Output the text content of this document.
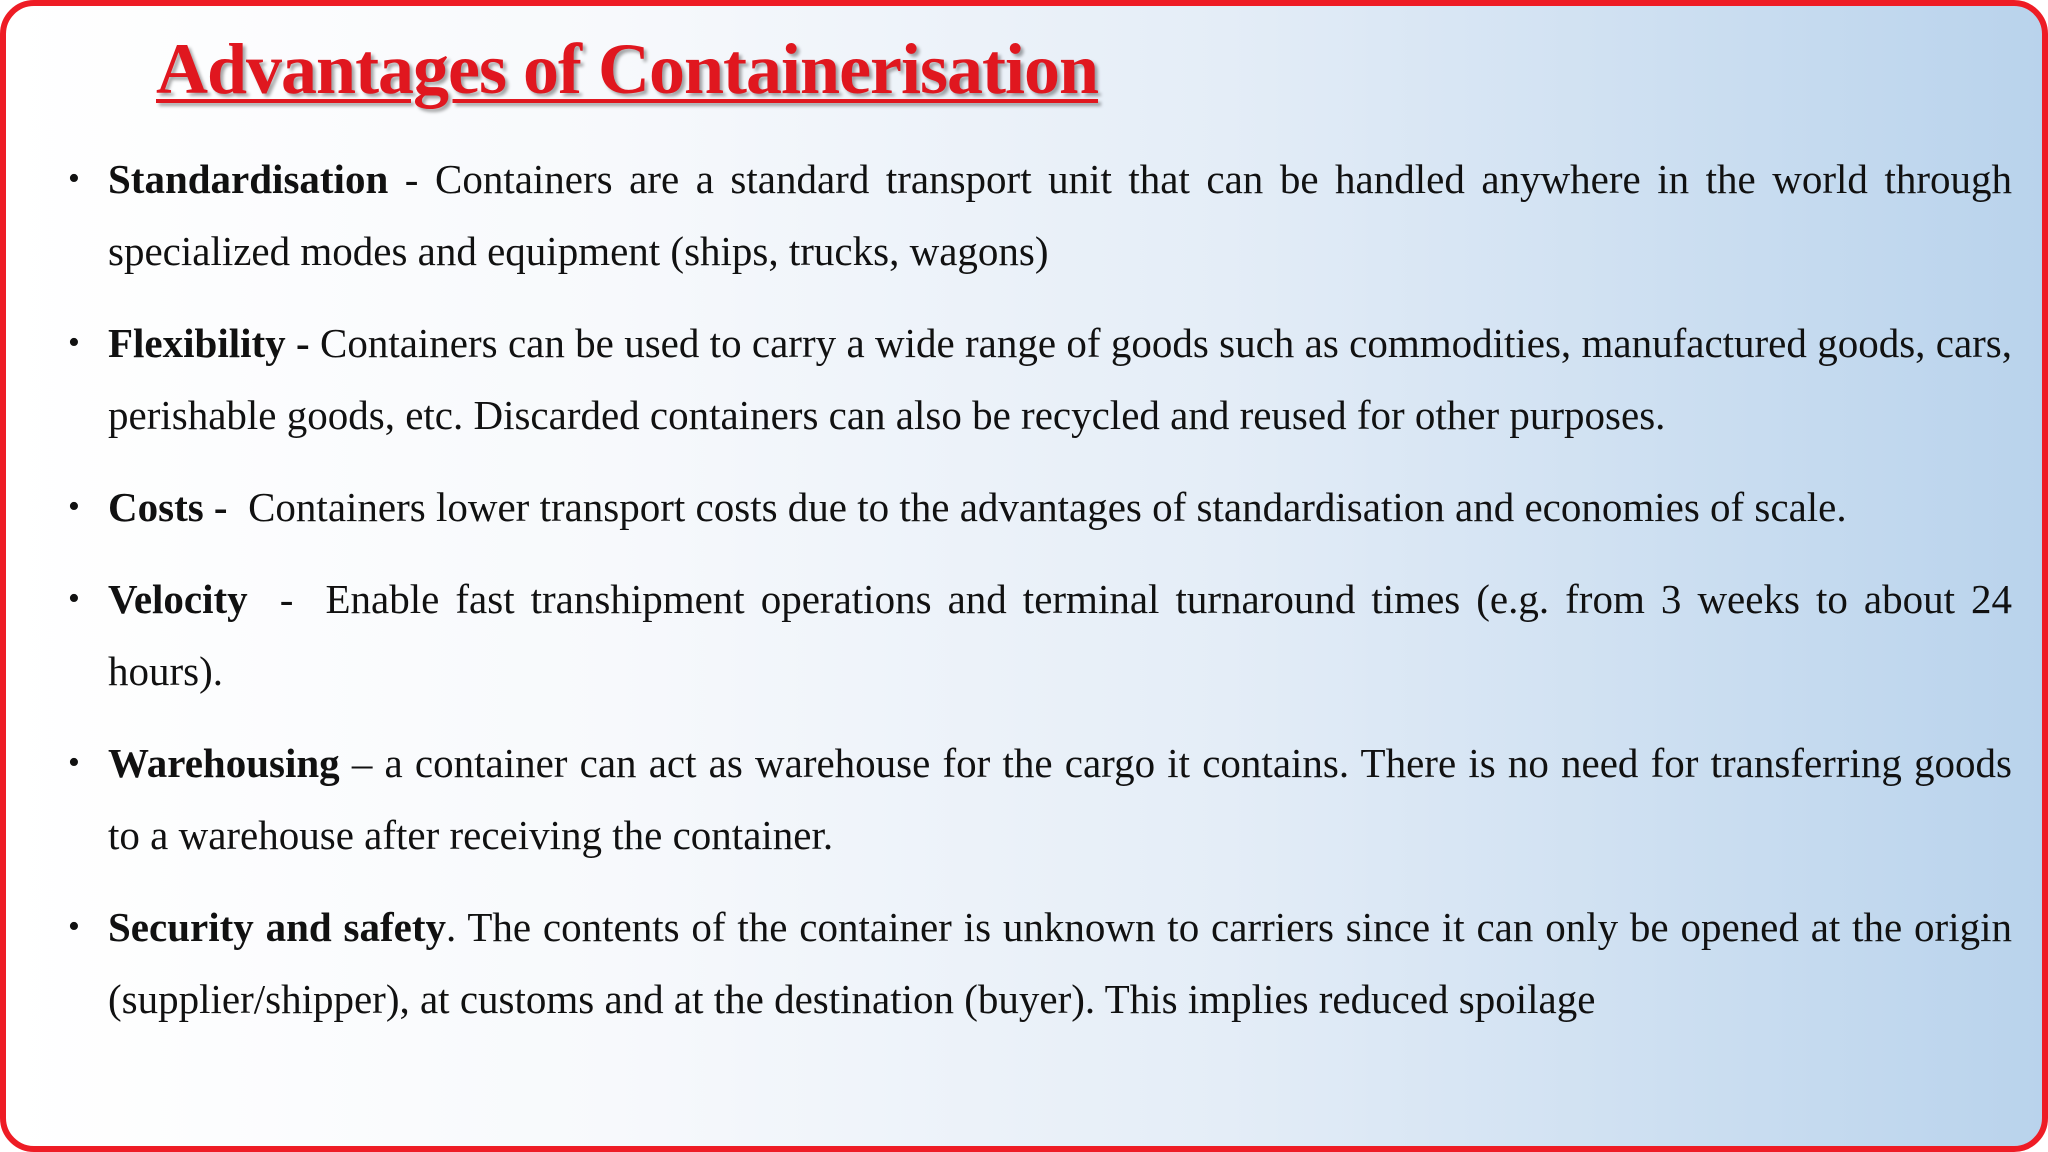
Advantages of Containerisation
• Standardisation - Containers are a standard transport unit that can be handled anywhere in the world through specialized modes and equipment (ships, trucks, wagons)
• Flexibility - Containers can be used to carry a wide range of goods such as commodities, manufactured goods, cars, perishable goods, etc. Discarded containers can also be recycled and reused for other purposes.
• Costs - Containers lower transport costs due to the advantages of standardisation and economies of scale.
• Velocity  -  Enable fast transhipment operations and terminal turnaround times (e.g. from 3 weeks to about 24 hours).
• Warehousing – a container can act as warehouse for the cargo it contains. There is no need for transferring goods to a warehouse after receiving the container.
• Security and safety. The contents of the container is unknown to carriers since it can only be opened at the origin (supplier/shipper), at customs and at the destination (buyer). This implies reduced spoilage
